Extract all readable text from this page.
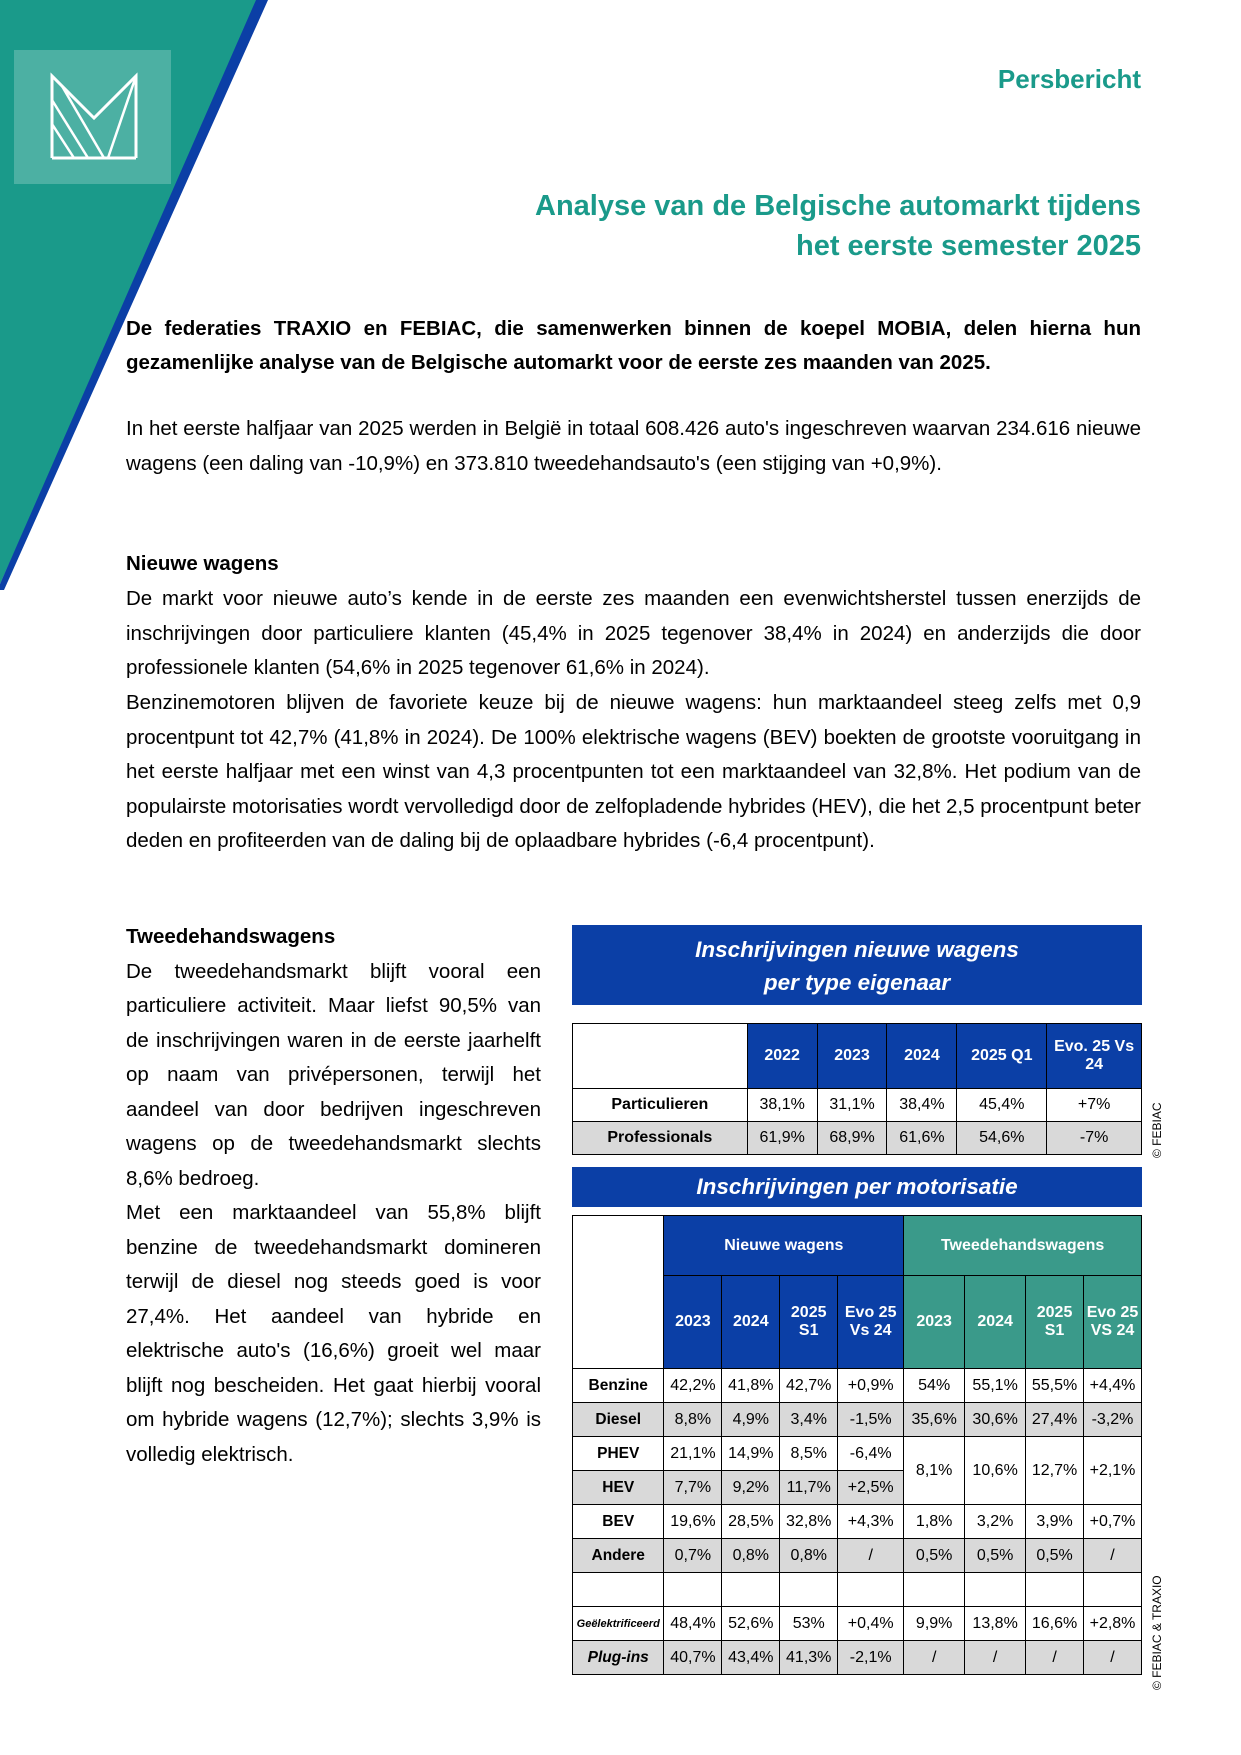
Persbericht
Analyse van de Belgische automarkt tijdens
het eerste semester 2025
De federaties TRAXIO en FEBIAC, die samenwerken binnen de koepel MOBIA, delen hierna hun gezamenlijke analyse van de Belgische automarkt voor de eerste zes maanden van 2025.
In het eerste halfjaar van 2025 werden in België in totaal 608.426 auto's ingeschreven waarvan 234.616 nieuwe wagens (een daling van -10,9%) en 373.810 tweedehandsauto's (een stijging van +0,9%).
Nieuwe wagens
De markt voor nieuwe auto’s kende in de eerste zes maanden een evenwichtsherstel tussen enerzijds de inschrijvingen door particuliere klanten (45,4% in 2025 tegenover 38,4% in 2024) en anderzijds die door professionele klanten (54,6% in 2025 tegenover 61,6% in 2024).
Benzinemotoren blijven de favoriete keuze bij de nieuwe wagens: hun marktaandeel steeg zelfs met 0,9 procentpunt tot 42,7% (41,8% in 2024). De 100% elektrische wagens (BEV) boekten de grootste vooruitgang in het eerste halfjaar met een winst van 4,3 procentpunten tot een marktaandeel van 32,8%. Het podium van de populairste motorisaties wordt vervolledigd door de zelfopladende hybrides (HEV), die het 2,5 procentpunt beter deden en profiteerden van de daling bij de oplaadbare hybrides (-6,4 procentpunt).
Tweedehandswagens
De tweedehandsmarkt blijft vooral een particuliere activiteit. Maar liefst 90,5% van de inschrijvingen waren in de eerste jaarhelft op naam van privépersonen, terwijl het aandeel van door bedrijven ingeschreven wagens op de tweedehandsmarkt slechts 8,6% bedroeg.
Met een marktaandeel van 55,8% blijft benzine de tweedehandsmarkt domineren terwijl de diesel nog steeds goed is voor 27,4%. Het aandeel van hybride en elektrische auto's (16,6%) groeit wel maar blijft nog bescheiden. Het gaat hierbij vooral om hybride wagens (12,7%); slechts 3,9% is volledig elektrisch.
Inschrijvingen nieuwe wagens
per type eigenaar
	2022	2023	2024	2025 Q1	Evo. 25 Vs 24
Particulieren	38,1%	31,1%	38,4%	45,4%	+7%
Professionals	61,9%	68,9%	61,6%	54,6%	-7%	© FEBIAC
Inschrijvingen per motorisatie
	Nieuwe wagens				Tweedehandswagens			
	2023	2024	2025 S1	Evo 25 Vs 24	2023	2024	2025 S1	Evo 25 VS 24
Benzine	42,2%	41,8%	42,7%	+0,9%	54%	55,1%	55,5%	+4,4%
Diesel	8,8%	4,9%	3,4%	-1,5%	35,6%	30,6%	27,4%	-3,2%
PHEV	21,1%	14,9%	8,5%	-6,4%	8,1%	10,6%	12,7%	+2,1%
HEV	7,7%	9,2%	11,7%	+2,5%				
BEV	19,6%	28,5%	32,8%	+4,3%	1,8%	3,2%	3,9%	+0,7%
Andere	0,7%	0,8%	0,8%	/	0,5%	0,5%	0,5%	/

Geëlektrificeerd	48,4%	52,6%	53%	+0,4%	9,9%	13,8%	16,6%	+2,8%
Plug-ins	40,7%	43,4%	41,3%	-2,1%	/	/	/	/	© FEBIAC & TRAXIO
